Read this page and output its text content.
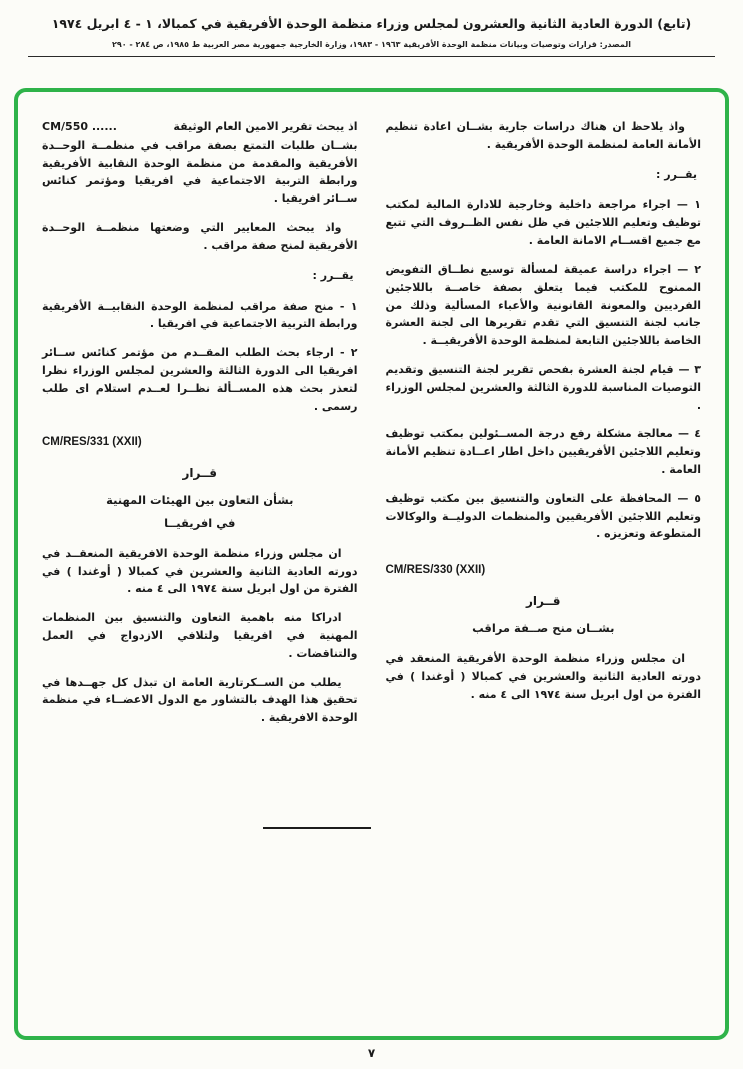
(تابع) الدورة العادية الثانية والعشرون لمجلس وزراء منظمة الوحدة الأفريقية في كمبالا، ١ - ٤ ابريل ١٩٧٤
المصدر: قرارات وتوصيات وبيانات منظمة الوحدة الأفريقية ١٩٦٣ - ١٩٨٣، وزارة الخارجية جمهورية مصر العربية ط ١٩٨٥، ص ٢٨٤ - ٢٩٠

واذ يلاحظ ان هناك دراسات جارية بشــان اعادة تنظيم الأمانة العامة لمنظمة الوحدة الأفريقية .

يقــرر :

١ — اجراء مراجعة داخلية وخارجية للادارة المالية لمكتب توظيف وتعليم اللاجئين في ظل نفس الظــروف التي تتبع مع جميع اقســام الامانة العامة .

٢ — اجراء دراسة عميقة لمسألة توسيع نطــاق التفويض الممنوح للمكتب فيما يتعلق بصفة خاصــة باللاجئين الفرديين والمعونة القانونية والأعباء المسألية وذلك من جانب لجنة التنسيق التي تقدم تقريرها الى لجنة العشرة الخاصة باللاجئين التابعة لمنظمة الوحدة الأفريقيــة .

٣ — قيام لجنة العشرة بفحص تقرير لجنة التنسيق وتقديم التوصيات المناسبة للدورة الثالثة والعشرين لمجلس الوزراء .

٤ — معالجة مشكلة رفع درجة المســئولين بمكتب توظيف وتعليم اللاجئين الأفريقيين داخل اطار اعــادة تنظيم الأمانة العامة .

٥ — المحافظة على التعاون والتنسيق بين مكتب توظيف وتعليم اللاجئين الأفريقيين والمنظمات الدوليــة والوكالات المتطوعة وتعزيزه .

CM/RES/330 (XXII)

قــرار

بشــان منح صــفة مراقب

ان مجلس وزراء منظمة الوحدة الأفريقية المنعقد في دورته العادية الثانية والعشرين في كمبالا ( أوغندا ) في الفترة من اول ابريل سنة ١٩٧٤ الى ٤ منه .

اذ يبحث تقرير الامين العام الوثيقة
CM/550 ......

بشــان طلبات التمتع بصفة مراقب في منظمــة الوحــدة الأفريقية والمقدمة من منظمة الوحدة النقابية الأفريقية ورابطة التربية الاجتماعية في افريقيا ومؤتمر كنائس ســائر افريقيا .

واذ يبحث المعايير التي وضعتها منظمــة الوحــدة الأفريقية لمنح صفة مراقب .

يقــرر :

١ - منح صفة مراقب لمنظمة الوحدة النقابيــة الأفريقية ورابطة التربية الاجتماعية في افريقيا .

٢ - ارجاء بحث الطلب المقــدم من مؤتمر كنائس ســائر افريقيا الى الدورة الثالثة والعشرين لمجلس الوزراء نظرا لتعذر بحث هذه المســألة نظــرا لعــدم استلام اى طلب رسمى .

CM/RES/331 (XXII)

قــرار

بشأن التعاون بين الهيئات المهنية

في افريقيــا

ان مجلس وزراء منظمة الوحدة الافريقية المنعقــد في دورته العادية الثانية والعشرين في كمبالا ( أوغندا ) في الفترة من اول ابريل سنة ١٩٧٤ الى ٤ منه .

ادراكا منه باهمية التعاون والتنسيق بين المنظمات المهنية في افريقيا ولتلافي الازدواج في العمل والتناقضات .

يطلب من الســكرتارية العامة ان تبذل كل جهــدها في تحقيق هذا الهدف بالتشاور مع الدول الاعضــاء في منظمة الوحدة الافريقية .

٧
